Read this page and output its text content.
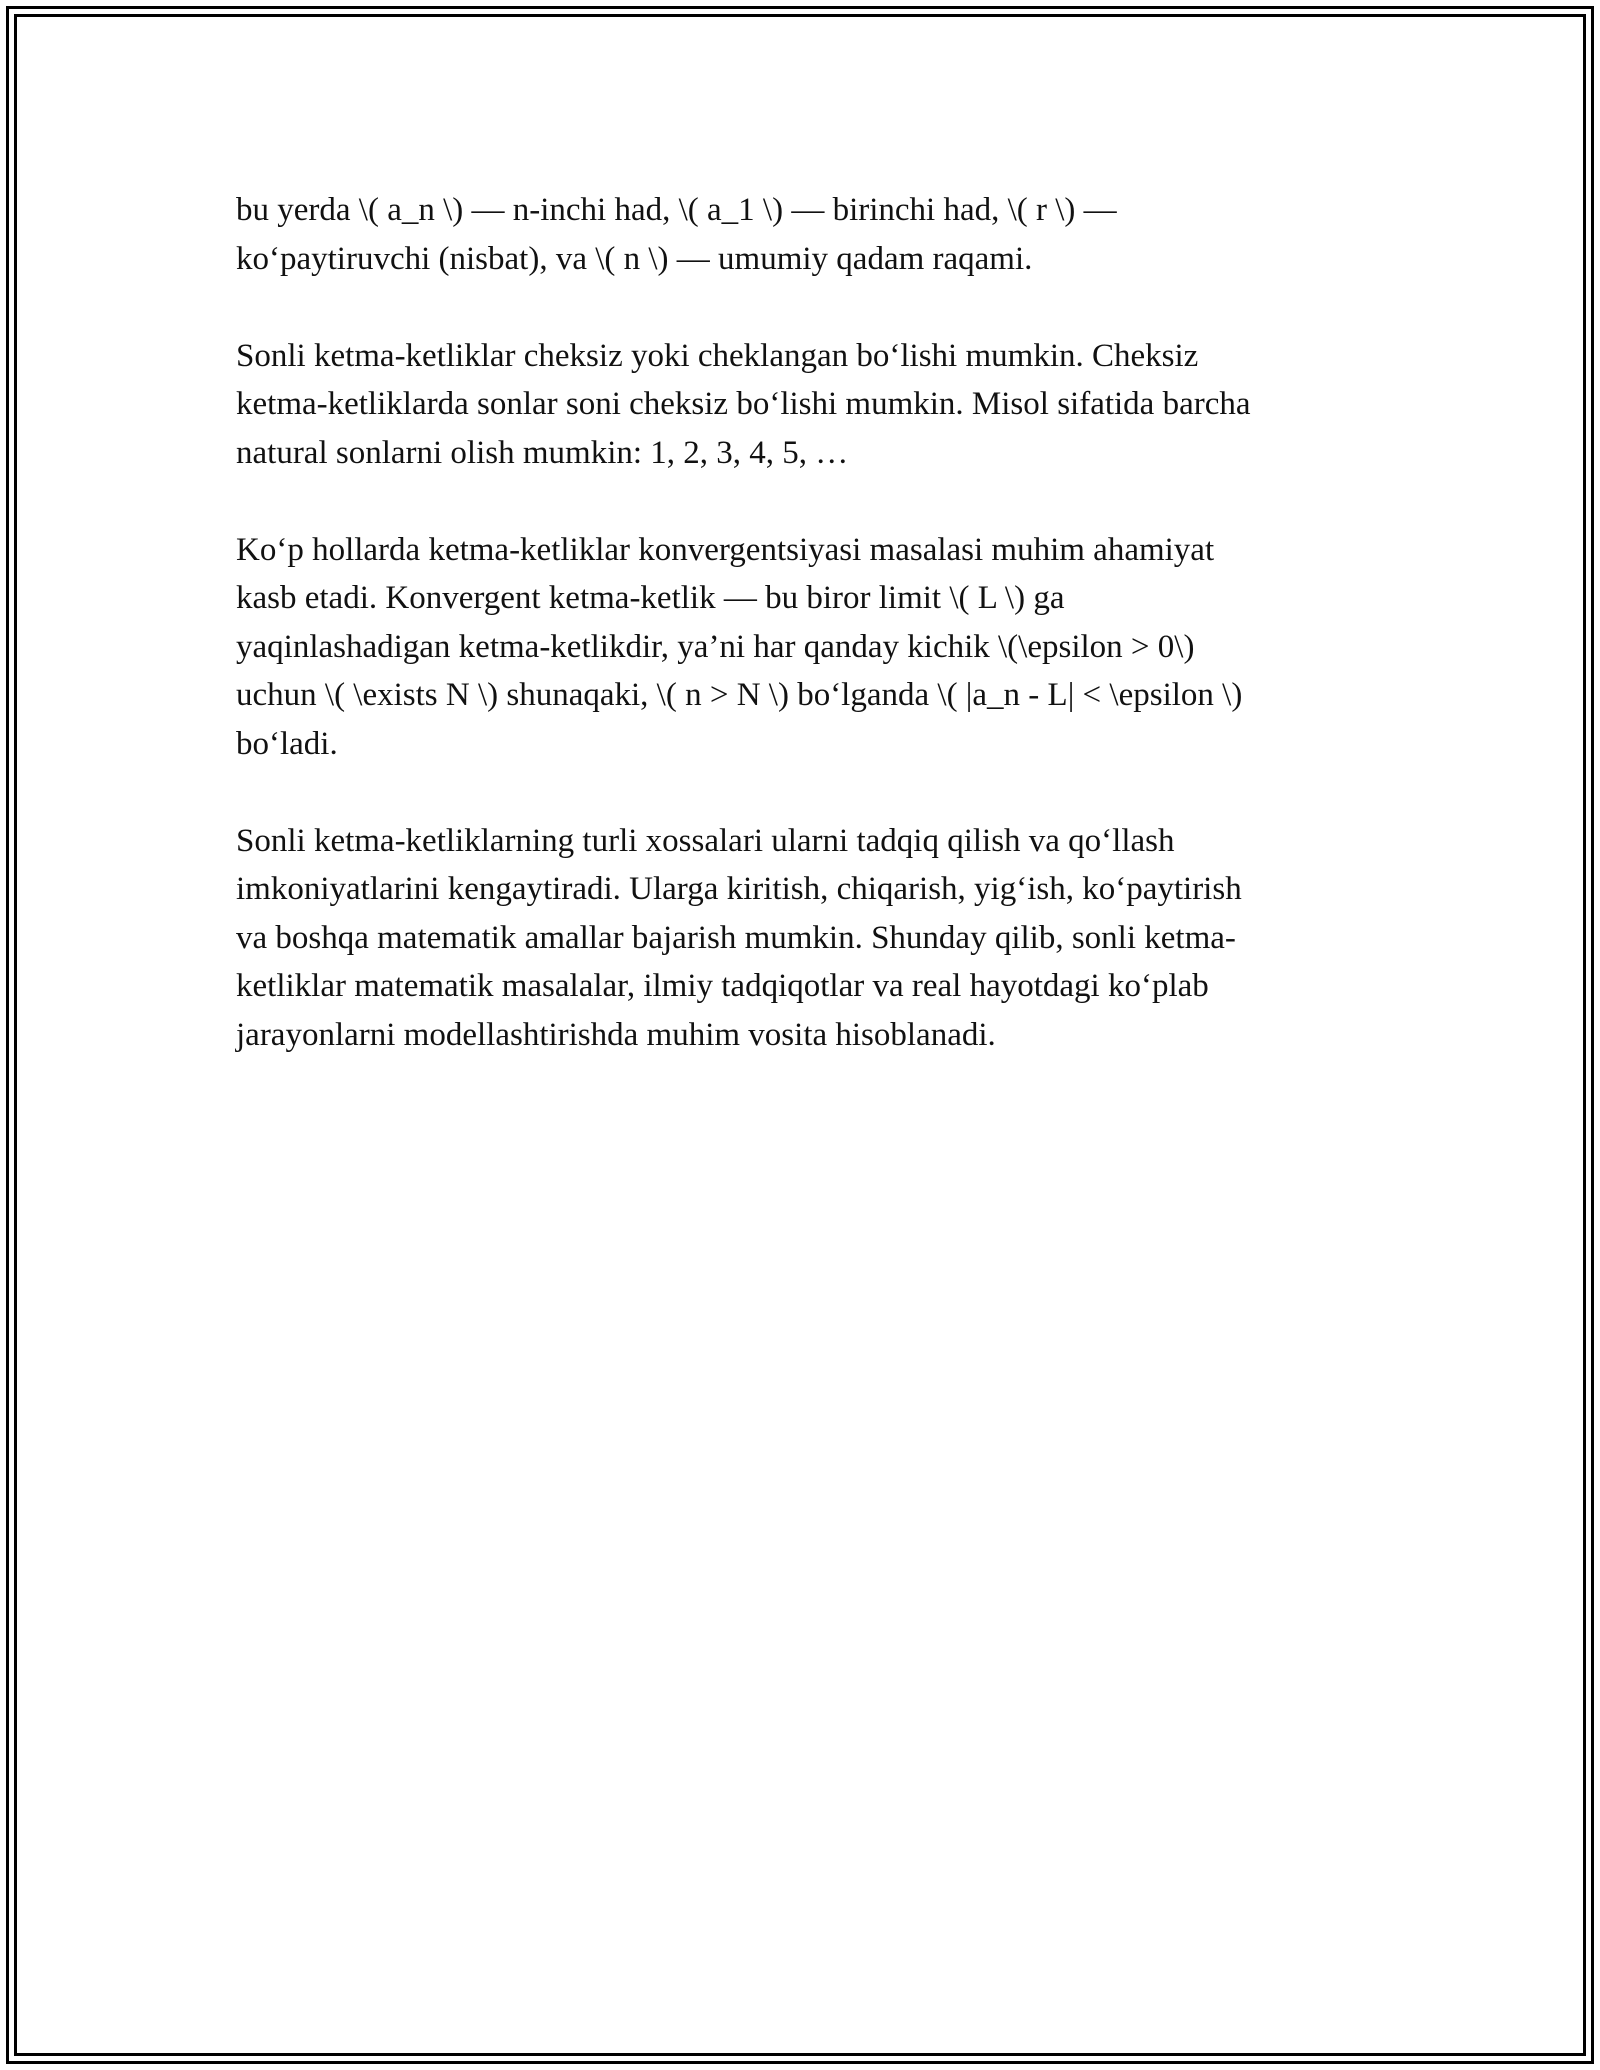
bu yerda \( a_n \) — n-inchi had, \( a_1 \) — birinchi had, \( r \) —
ko‘paytiruvchi (nisbat), va \( n \) — umumiy qadam raqami.

Sonli ketma-ketliklar cheksiz yoki cheklangan bo‘lishi mumkin. Cheksiz
ketma-ketliklarda sonlar soni cheksiz bo‘lishi mumkin. Misol sifatida barcha
natural sonlarni olish mumkin: 1, 2, 3, 4, 5, …

Ko‘p hollarda ketma-ketliklar konvergentsiyasi masalasi muhim ahamiyat
kasb etadi. Konvergent ketma-ketlik — bu biror limit \( L \) ga
yaqinlashadigan ketma-ketlikdir, ya’ni har qanday kichik \(\epsilon > 0\)
uchun \( \exists N \) shunaqaki, \( n > N \) bo‘lganda \( |a_n - L| < \epsilon \)
bo‘ladi.

Sonli ketma-ketliklarning turli xossalari ularni tadqiq qilish va qo‘llash
imkoniyatlarini kengaytiradi. Ularga kiritish, chiqarish, yig‘ish, ko‘paytirish
va boshqa matematik amallar bajarish mumkin. Shunday qilib, sonli ketma-
ketliklar matematik masalalar, ilmiy tadqiqotlar va real hayotdagi ko‘plab
jarayonlarni modellashtirishda muhim vosita hisoblanadi.
